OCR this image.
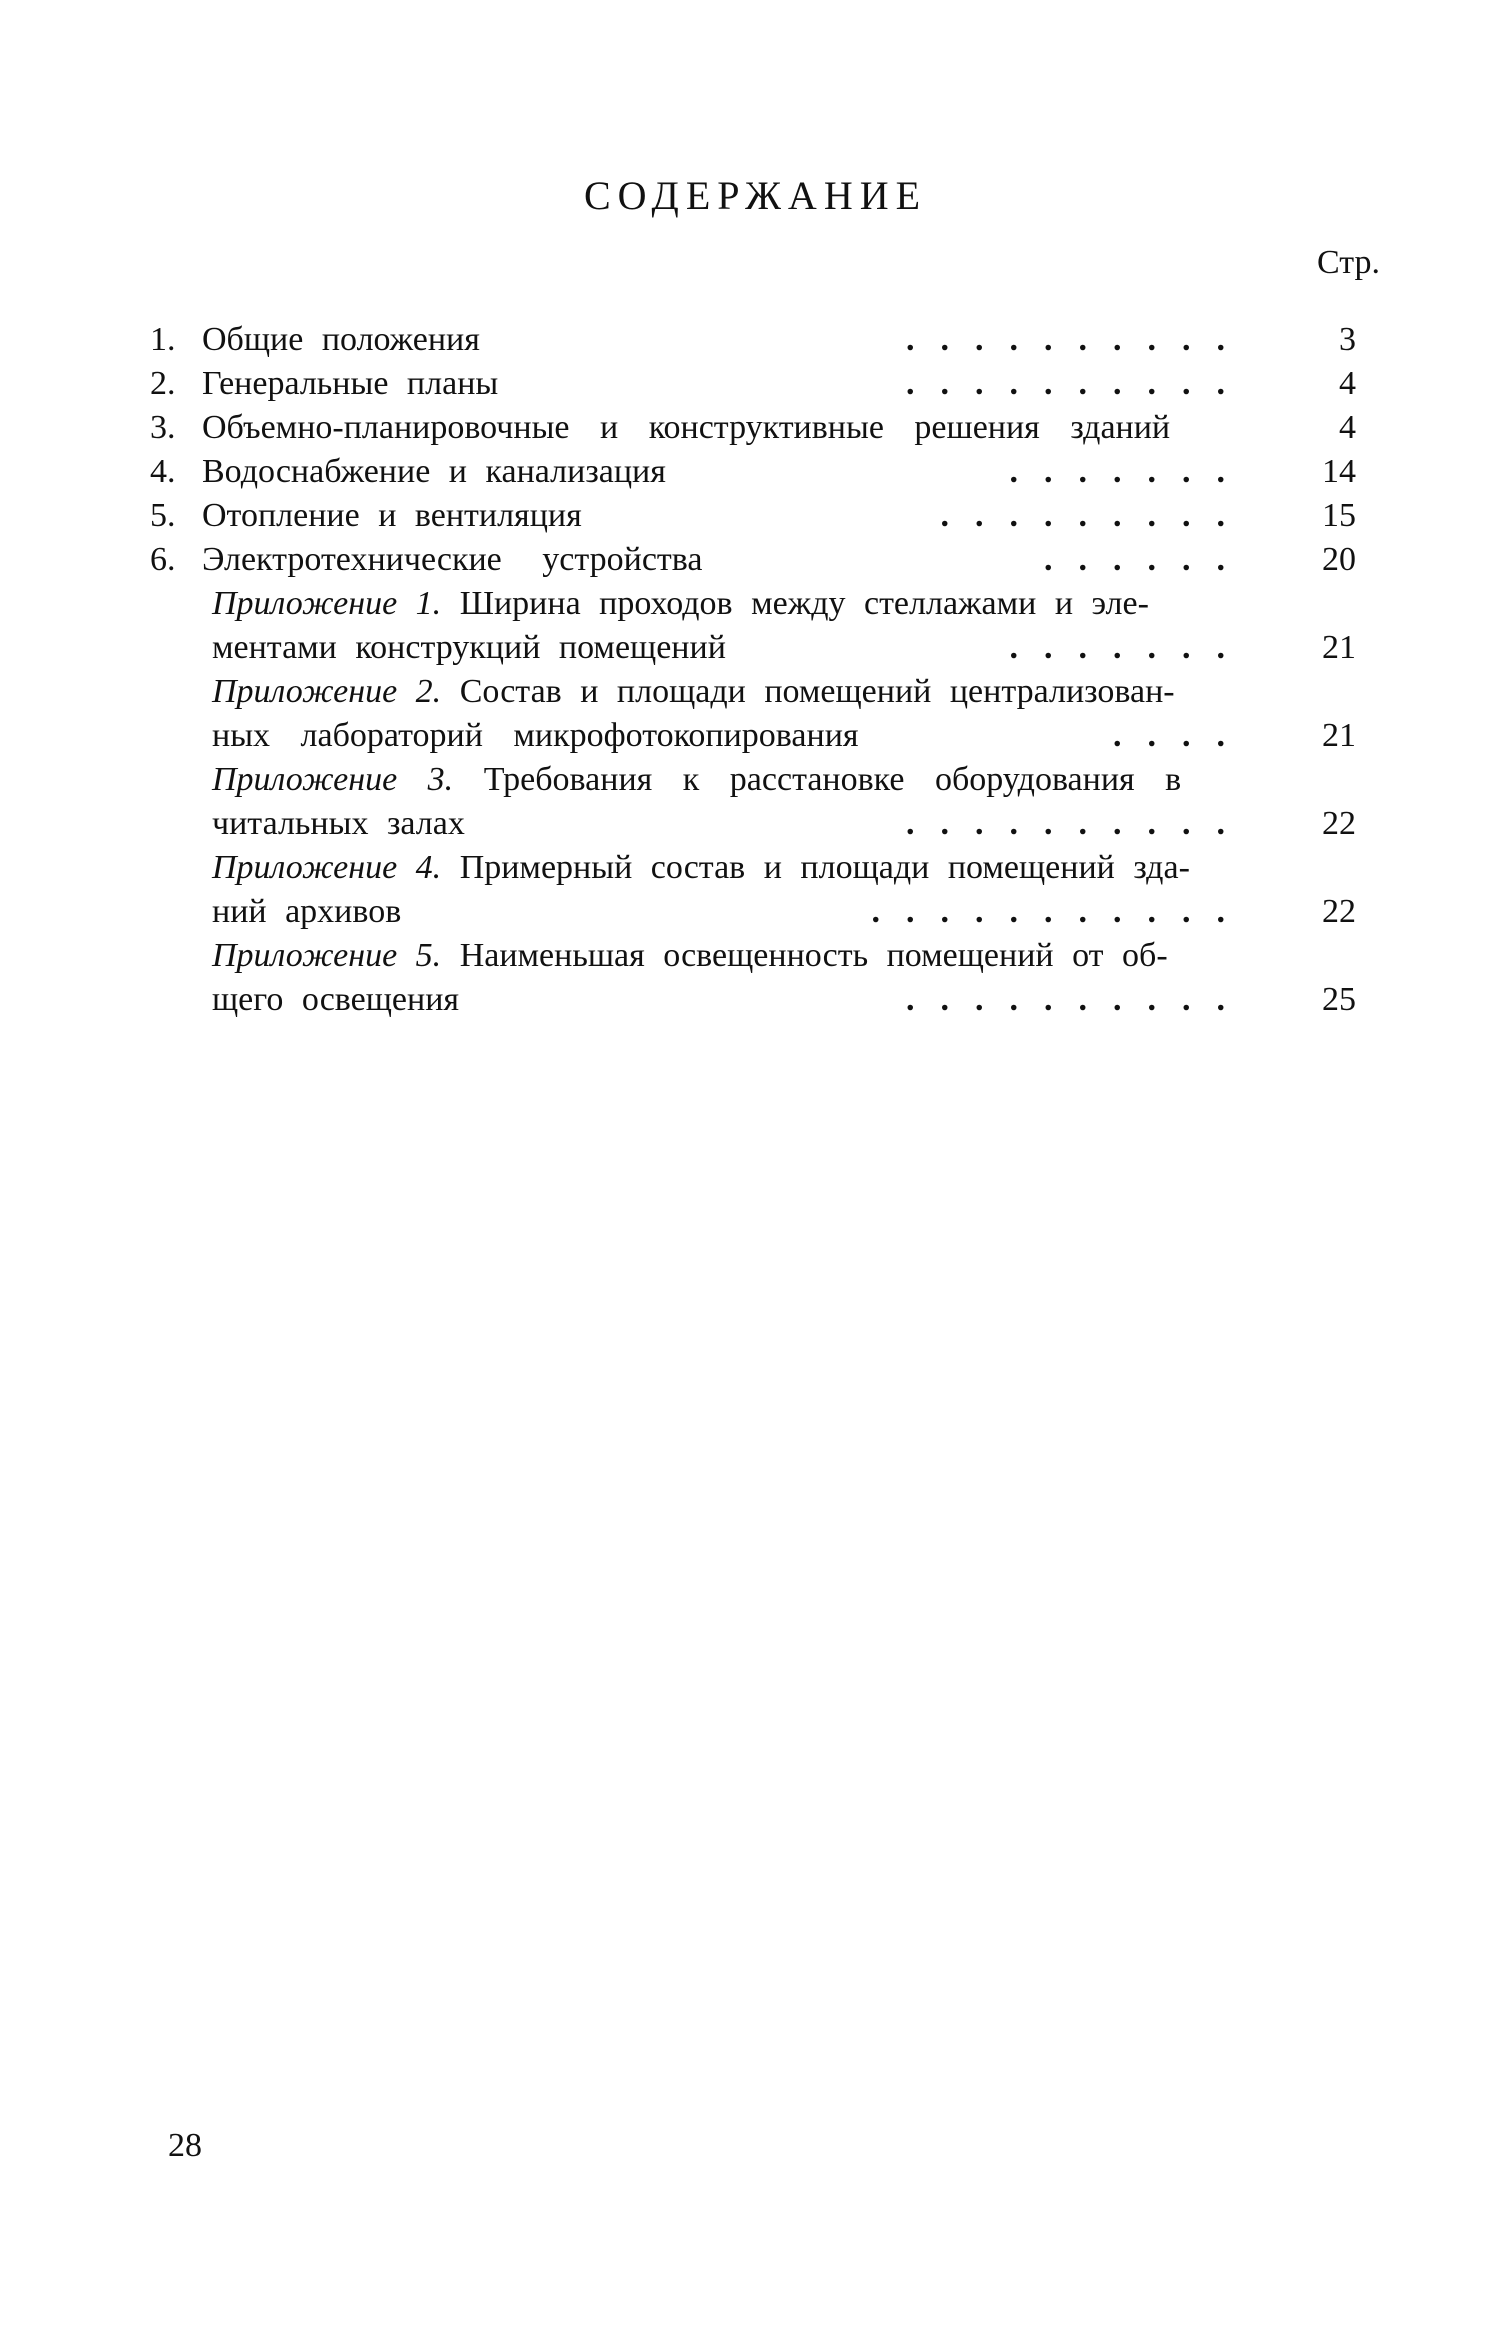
СОДЕРЖАНИЕ
Стр.
1. Общие положения	..........	3
2. Генеральные планы	..........	4
3. Объемно-планировочные и конструктивные решения зданий	4
4. Водоснабжение и канализация	.......	14
5. Отопление и вентиляция	.........	15
6. Электротехнические устройства	......	20
Приложение 1. Ширина проходов между стеллажами и эле-
ментами конструкций помещений	.......	21
Приложение 2. Состав и площади помещений централизован-
ных лабораторий микрофотокопирования	....	21
Приложение 3. Требования к расстановке оборудования в
читальных залах	..........	22
Приложение 4. Примерный состав и площади помещений зда-
ний архивов	...........	22
Приложение 5. Наименьшая освещенность помещений от об-
щего освещения	..........	25
28
